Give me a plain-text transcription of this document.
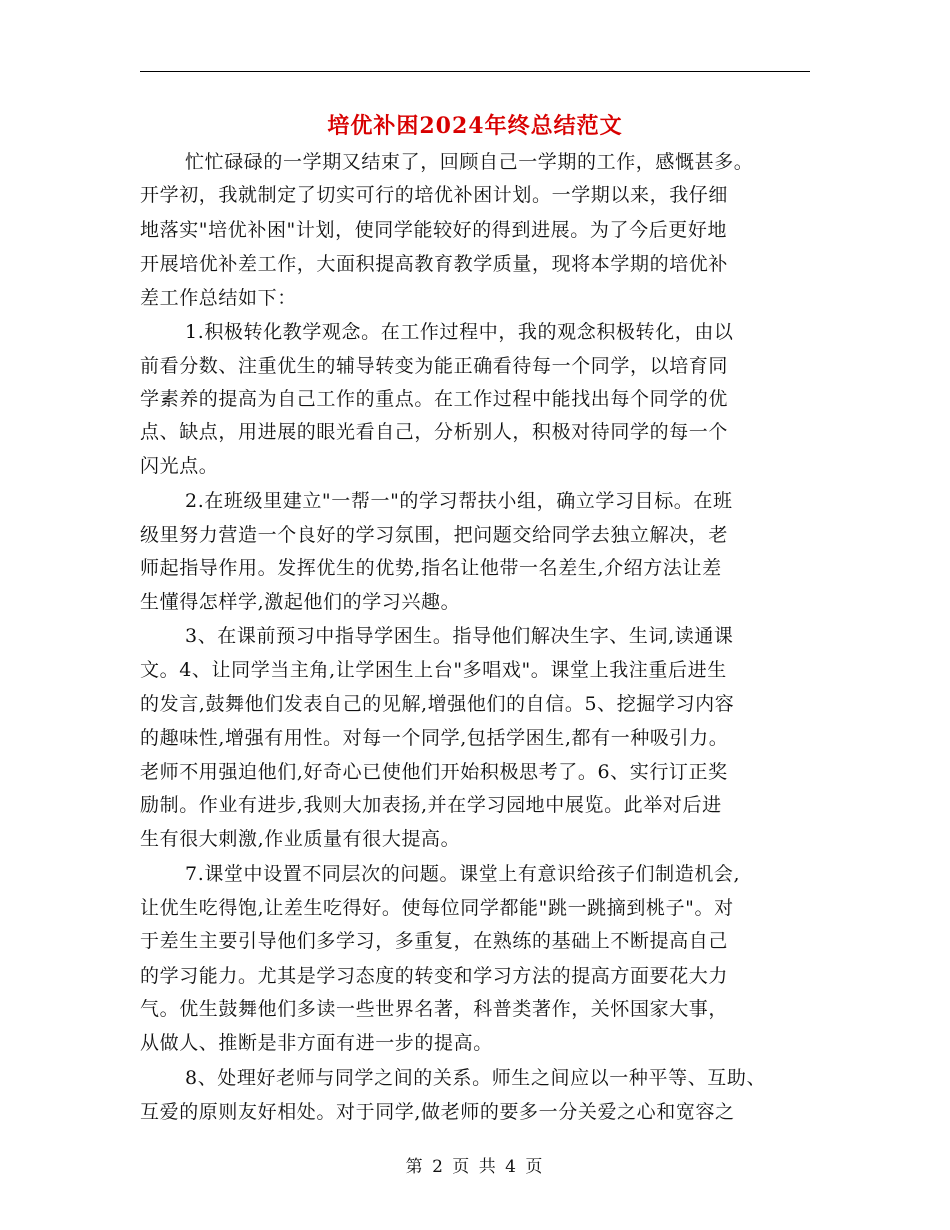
培优补困2024年终总结范文
忙忙碌碌的一学期又结束了，回顾自己一学期的工作，感慨甚多。
开学初，我就制定了切实可行的培优补困计划。一学期以来，我仔细
地落实"培优补困"计划，使同学能较好的得到进展。为了今后更好地
开展培优补差工作，大面积提高教育教学质量，现将本学期的培优补
差工作总结如下：
1.积极转化教学观念。在工作过程中，我的观念积极转化，由以
前看分数、注重优生的辅导转变为能正确看待每一个同学，以培育同
学素养的提高为自己工作的重点。在工作过程中能找出每个同学的优
点、缺点，用进展的眼光看自己，分析别人，积极对待同学的每一个
闪光点。
2.在班级里建立"一帮一"的学习帮扶小组，确立学习目标。在班
级里努力营造一个良好的学习氛围，把问题交给同学去独立解决，老
师起指导作用。发挥优生的优势,指名让他带一名差生,介绍方法让差
生懂得怎样学,激起他们的学习兴趣。
3、在课前预习中指导学困生。指导他们解决生字、生词,读通课
文。4、让同学当主角,让学困生上台"多唱戏"。课堂上我注重后进生
的发言,鼓舞他们发表自己的见解,增强他们的自信。5、挖掘学习内容
的趣味性,增强有用性。对每一个同学,包括学困生,都有一种吸引力。
老师不用强迫他们,好奇心已使他们开始积极思考了。6、实行订正奖
励制。作业有进步,我则大加表扬,并在学习园地中展览。此举对后进
生有很大刺激,作业质量有很大提高。
7.课堂中设置不同层次的问题。课堂上有意识给孩子们制造机会,
让优生吃得饱,让差生吃得好。使每位同学都能"跳一跳摘到桃子"。对
于差生主要引导他们多学习，多重复，在熟练的基础上不断提高自己
的学习能力。尤其是学习态度的转变和学习方法的提高方面要花大力
气。优生鼓舞他们多读一些世界名著，科普类著作，关怀国家大事，
从做人、推断是非方面有进一步的提高。
8、处理好老师与同学之间的关系。师生之间应以一种平等、互助、
互爱的原则友好相处。对于同学,做老师的要多一分关爱之心和宽容之
第 2 页 共 4 页
